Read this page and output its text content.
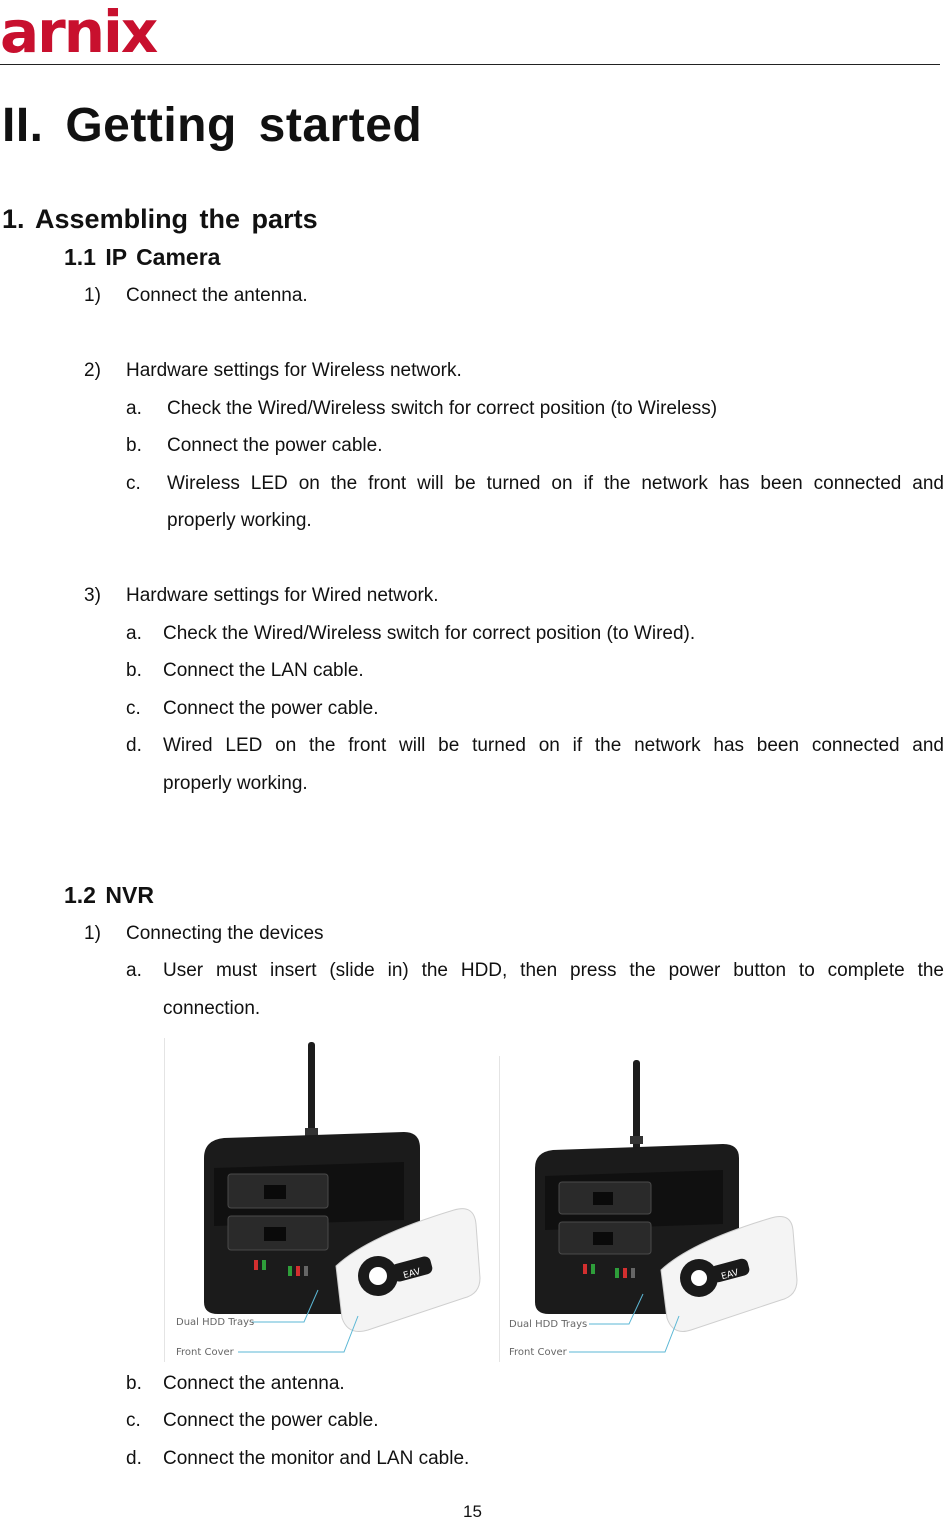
arnix
II. Getting started
1. Assembling the parts
1.1 IP Camera
1) Connect the antenna.
2) Hardware settings for Wireless network.
a. Check the Wired/Wireless switch for correct position (to Wireless)
b. Connect the power cable.
c. Wireless LED on the front will be turned on if the network has been connected and
properly working.
3) Hardware settings for Wired network.
a. Check the Wired/Wireless switch for correct position (to Wired).
b. Connect the LAN cable.
c. Connect the power cable.
d. Wired LED on the front will be turned on if the network has been connected and
properly working.
1.2 NVR
1) Connecting the devices
a. User must insert (slide in) the HDD, then press the power button to complete the
connection.
EAV
Dual HDD Trays
Front Cover
EAV
Dual HDD Trays
Front Cover
b. Connect the antenna.
c. Connect the power cable.
d. Connect the monitor and LAN cable.
15
